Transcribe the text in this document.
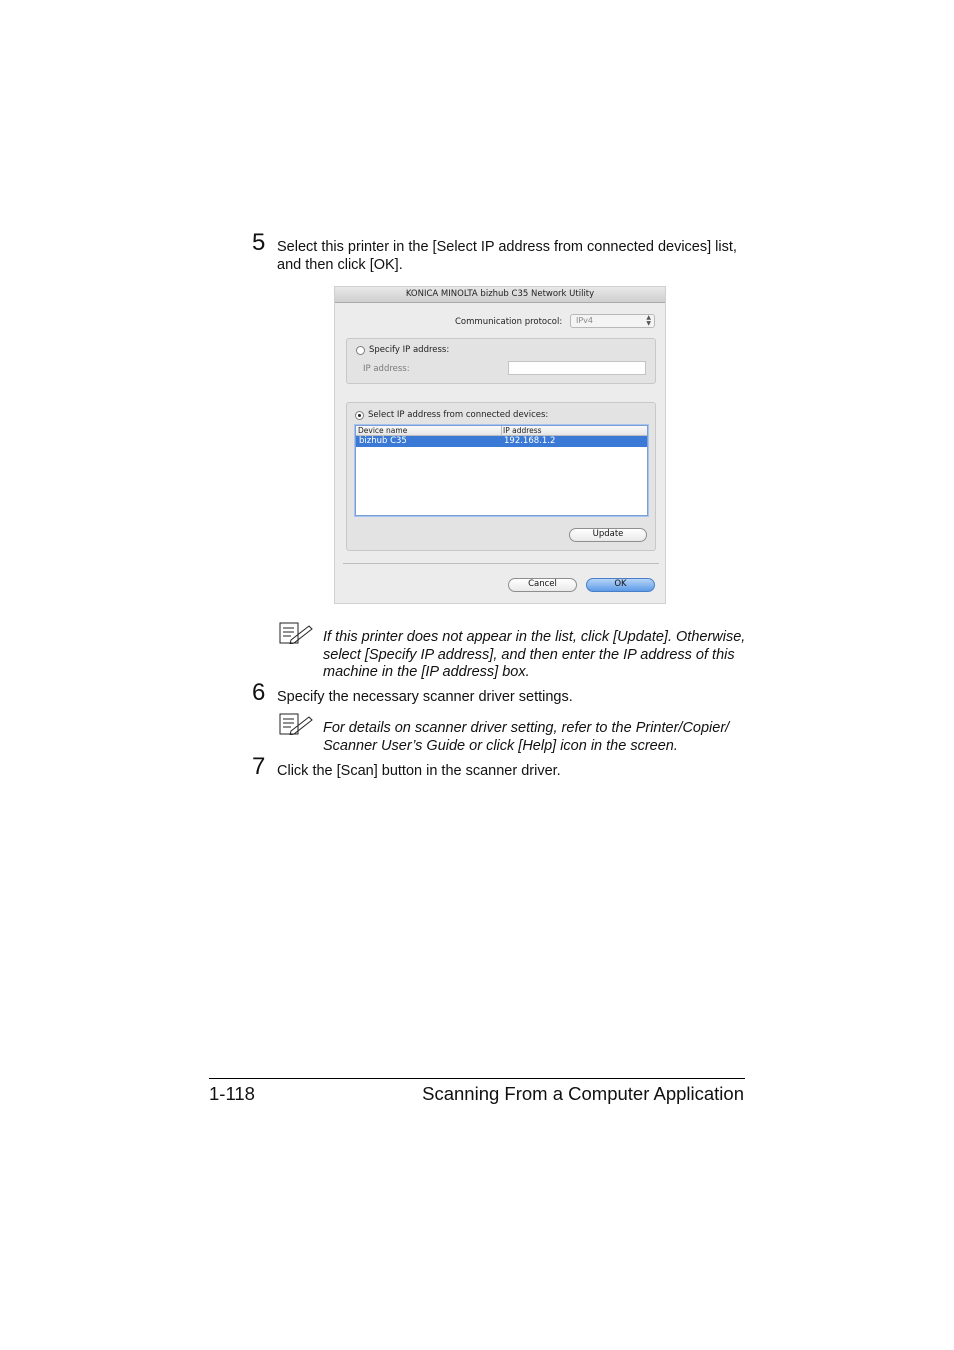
5 Select this printer in the [Select IP address from connected devices] list,
and then click [OK].
KONICA MINOLTA bizhub C35 Network Utility
Communication protocol:	IPv4	▲
▼
Specify IP address:
IP address:
Select IP address from connected devices:
Device name	IP address
bizhub C35	192.168.1.2
Update
Cancel	OK
If this printer does not appear in the list, click [Update]. Otherwise,
select [Specify IP address], and then enter the IP address of this
machine in the [IP address] box.
6 Specify the necessary scanner driver settings.
For details on scanner driver setting, refer to the Printer/Copier/
Scanner User’s Guide or click [Help] icon in the screen.
7 Click the [Scan] button in the scanner driver.
1-118	Scanning From a Computer Application
